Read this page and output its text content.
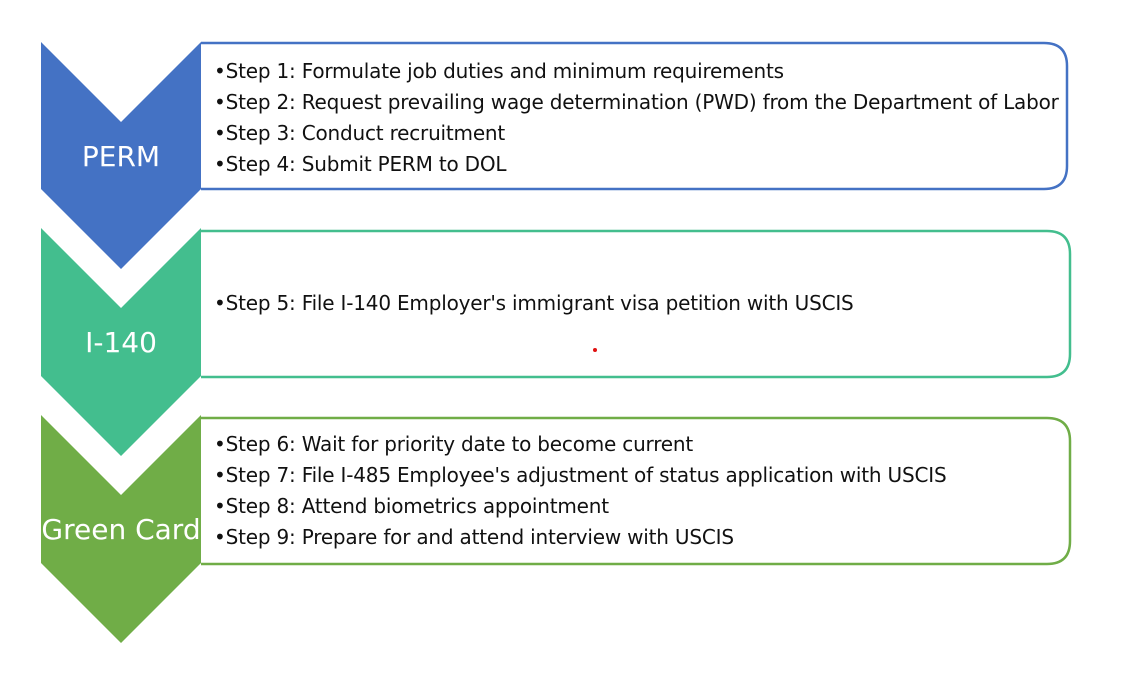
PERM
I-140
Green Card
• Step 1: Formulate job duties and minimum requirements
• Step 2: Request prevailing wage determination (PWD) from the Department of Labor
• Step 3: Conduct recruitment
• Step 4: Submit PERM to DOL
• Step 5: File I-140 Employer's immigrant visa petition with USCIS
• Step 6: Wait for priority date to become current
• Step 7: File I-485 Employee's adjustment of status application with USCIS
• Step 8: Attend biometrics appointment
• Step 9: Prepare for and attend interview with USCIS
